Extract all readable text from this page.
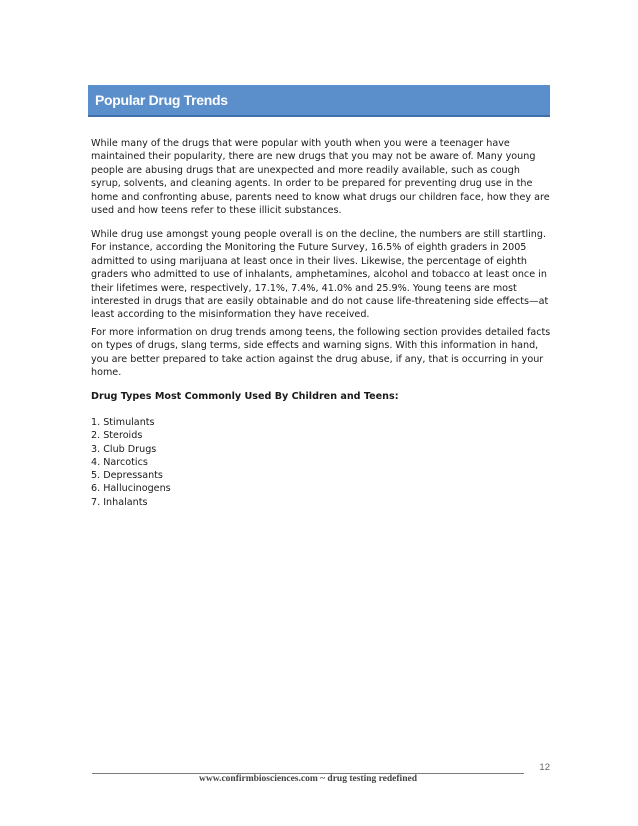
Popular Drug Trends

While many of the drugs that were popular with youth when you were a teenager have maintained their popularity, there are new drugs that you may not be aware of. Many young people are abusing drugs that are unexpected and more readily available, such as cough syrup, solvents, and cleaning agents. In order to be prepared for preventing drug use in the home and confronting abuse, parents need to know what drugs our children face, how they are used and how teens refer to these illicit substances.

While drug use amongst young people overall is on the decline, the numbers are still startling. For instance, according the Monitoring the Future Survey, 16.5% of eighth graders in 2005 admitted to using marijuana at least once in their lives. Likewise, the percentage of eighth graders who admitted to use of inhalants, amphetamines, alcohol and tobacco at least once in their lifetimes were, respectively, 17.1%, 7.4%, 41.0% and 25.9%. Young teens are most interested in drugs that are easily obtainable and do not cause life-threatening side effects—at least according to the misinformation they have received.

For more information on drug trends among teens, the following section provides detailed facts on types of drugs, slang terms, side effects and warning signs. With this information in hand, you are better prepared to take action against the drug abuse, if any, that is occurring in your home.

Drug Types Most Commonly Used By Children and Teens:
1. Stimulants
2. Steroids
3. Club Drugs
4. Narcotics
5. Depressants
6. Hallucinogens
7. Inhalants
12
www.confirmbiosciences.com ~ drug testing redefined
